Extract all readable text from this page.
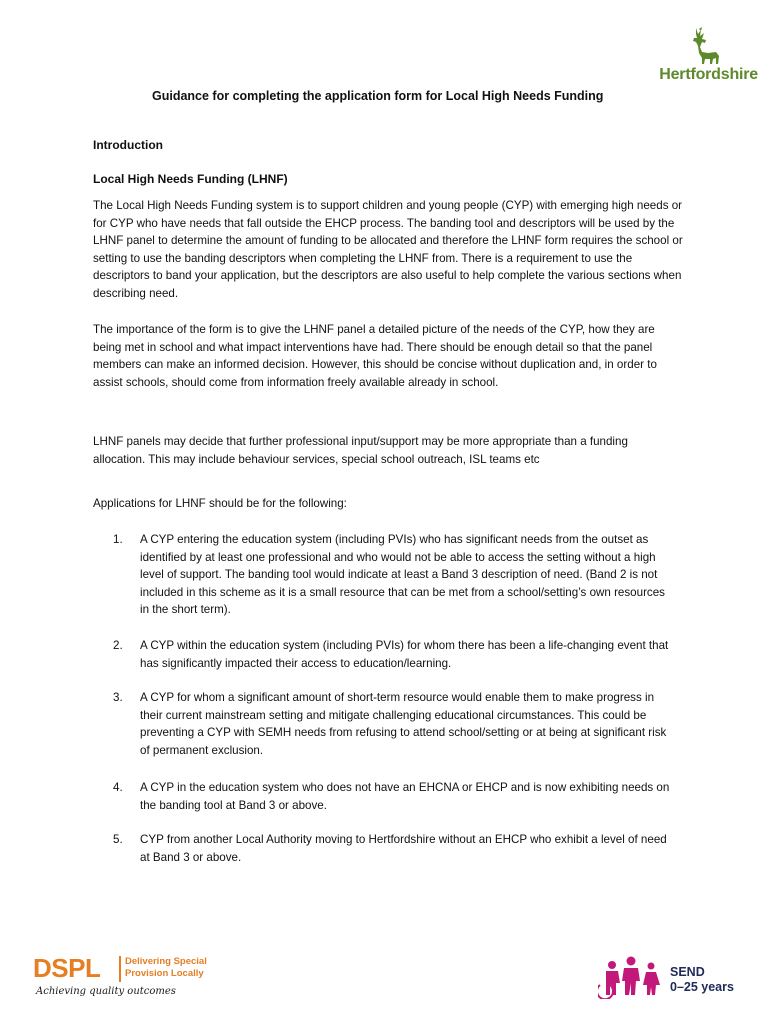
Hertfordshire
Guidance for completing the application form for Local High Needs Funding
Introduction
Local High Needs Funding (LHNF)

The Local High Needs Funding system is to support children and young people (CYP) with emerging high needs or for CYP who have needs that fall outside the EHCP process. The banding tool and descriptors will be used by the LHNF panel to determine the amount of funding to be allocated and therefore the LHNF form requires the school or setting to use the banding descriptors when completing the LHNF from. There is a requirement to use the descriptors to band your application, but the descriptors are also useful to help complete the various sections when describing need.

The importance of the form is to give the LHNF panel a detailed picture of the needs of the CYP, how they are being met in school and what impact interventions have had. There should be enough detail so that the panel members can make an informed decision. However, this should be concise without duplication and, in order to assist schools, should come from information freely available already in school.

LHNF panels may decide that further professional input/support may be more appropriate than a funding allocation. This may include behaviour services, special school outreach, ISL teams etc

Applications for LHNF should be for the following:

1. A CYP entering the education system (including PVIs) who has significant needs from the outset as identified by at least one professional and who would not be able to access the setting without a high level of support. The banding tool would indicate at least a Band 3 description of need. (Band 2 is not included in this scheme as it is a small resource that can be met from a school/setting’s own resources in the short term).
2. A CYP within the education system (including PVIs) for whom there has been a life-changing event that has significantly impacted their access to education/learning.
3. A CYP for whom a significant amount of short-term resource would enable them to make progress in their current mainstream setting and mitigate challenging educational circumstances. This could be preventing a CYP with SEMH needs from refusing to attend school/setting or at being at significant risk of permanent exclusion.
4. A CYP in the education system who does not have an EHCNA or EHCP and is now exhibiting needs on the banding tool at Band 3 or above.
5. CYP from another Local Authority moving to Hertfordshire without an EHCP who exhibit a level of need at Band 3 or above.
DSPL	Delivering Special
Provision Locally
Achieving quality outcomes
SEND
0–25 years
